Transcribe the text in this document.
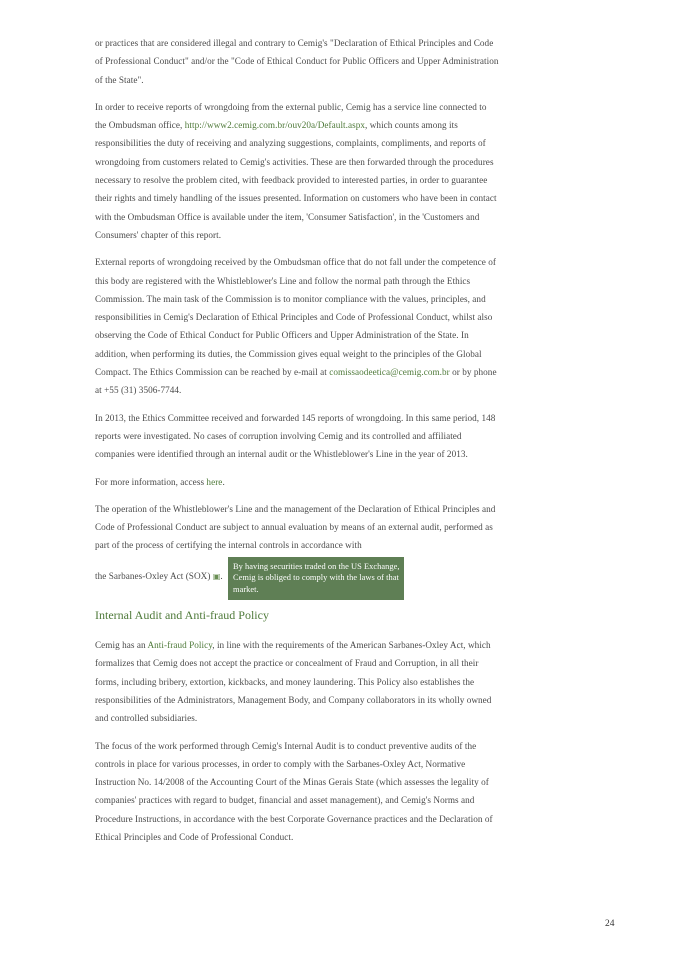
or practices that are considered illegal and contrary to Cemig's "Declaration of Ethical Principles and Code of Professional Conduct" and/or the "Code of Ethical Conduct for Public Officers and Upper Administration of the State".

In order to receive reports of wrongdoing from the external public, Cemig has a service line connected to the Ombudsman office, http://www2.cemig.com.br/ouv20a/Default.aspx, which counts among its responsibilities the duty of receiving and analyzing suggestions, complaints, compliments, and reports of wrongdoing from customers related to Cemig's activities. These are then forwarded through the procedures necessary to resolve the problem cited, with feedback provided to interested parties, in order to guarantee their rights and timely handling of the issues presented. Information on customers who have been in contact with the Ombudsman Office is available under the item, 'Consumer Satisfaction', in the 'Customers and Consumers' chapter of this report.

External reports of wrongdoing received by the Ombudsman office that do not fall under the competence of this body are registered with the Whistleblower's Line and follow the normal path through the Ethics Commission. The main task of the Commission is to monitor compliance with the values, principles, and responsibilities in Cemig's Declaration of Ethical Principles and Code of Professional Conduct, whilst also observing the Code of Ethical Conduct for Public Officers and Upper Administration of the State. In addition, when performing its duties, the Commission gives equal weight to the principles of the Global Compact. The Ethics Commission can be reached by e-mail at comissaodeetica@cemig.com.br or by phone at +55 (31) 3506-7744.

In 2013, the Ethics Committee received and forwarded 145 reports of wrongdoing. In this same period, 148 reports were investigated. No cases of corruption involving Cemig and its controlled and affiliated companies were identified through an internal audit or the Whistleblower's Line in the year of 2013.

For more information, access here.

The operation of the Whistleblower's Line and the management of the Declaration of Ethical Principles and Code of Professional Conduct are subject to annual evaluation by means of an external audit, performed as part of the process of certifying the internal controls in accordance with

the Sarbanes-Oxley Act (SOX) ▣.
By having securities traded on the US Exchange, Cemig is obliged to comply with the laws of that market.

Internal Audit and Anti-fraud Policy

Cemig has an Anti-fraud Policy, in line with the requirements of the American Sarbanes-Oxley Act, which formalizes that Cemig does not accept the practice or concealment of Fraud and Corruption, in all their forms, including bribery, extortion, kickbacks, and money laundering. This Policy also establishes the responsibilities of the Administrators, Management Body, and Company collaborators in its wholly owned and controlled subsidiaries.

The focus of the work performed through Cemig's Internal Audit is to conduct preventive audits of the controls in place for various processes, in order to comply with the Sarbanes-Oxley Act, Normative Instruction No. 14/2008 of the Accounting Court of the Minas Gerais State (which assesses the legality of companies' practices with regard to budget, financial and asset management), and Cemig's Norms and Procedure Instructions, in accordance with the best Corporate Governance practices and the Declaration of Ethical Principles and Code of Professional Conduct.

24
